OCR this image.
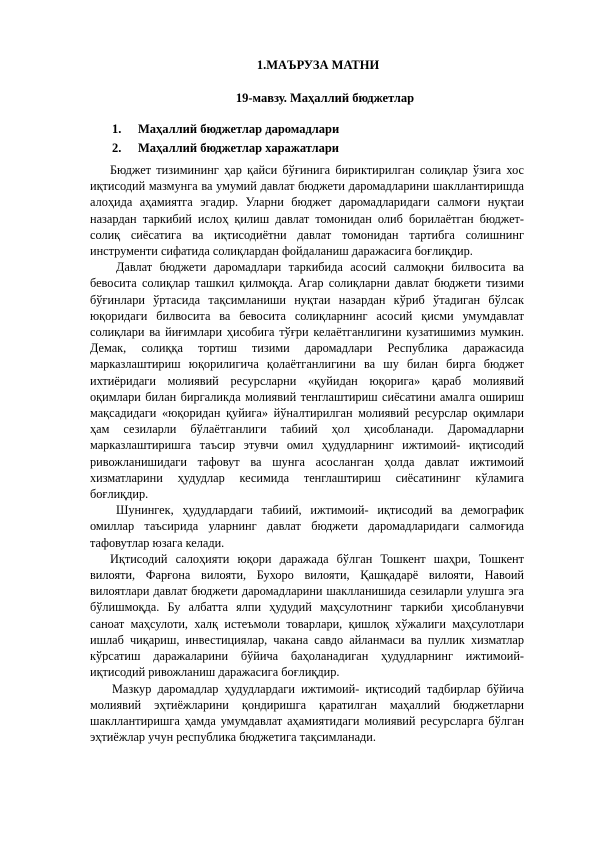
1.МАЪРУЗА МАТНИ
19-мавзу. Маҳаллий бюджетлар
1.	Маҳаллий бюджетлар даромадлари
2.	Маҳаллий бюджетлар харажатлари

Бюджет тизимининг ҳар қайси бўғинига бириктирилган солиқлар ўзига хос иқтисодий мазмунга ва умумий давлат бюджети даромадларини шакллантиришда алоҳида аҳамиятга эгадир. Уларни бюджет даромадларидаги салмоғи нуқтаи назардан таркибий ислоҳ қилиш давлат томонидан олиб борилаётган бюджет- солиқ сиёсатига ва иқтисодиётни давлат томонидан тартибга солишнинг инструменти сифатида солиқлардан фойдаланиш даражасига боғлиқдир.

Давлат бюджети даромадлари таркибида асосий салмоқни билвосита ва бевосита солиқлар ташкил қилмоқда. Агар солиқларни давлат бюджети тизими бўғинлари ўртасида тақсимланиши нуқтаи назардан кўриб ўтадиган бўлсак юқоридаги билвосита ва бевосита солиқларнинг асосий қисми умумдавлат солиқлари ва йиғимлари ҳисобига тўғри келаётганлигини кузатишимиз мумкин. Демак, солиққа тортиш тизими даромадлари Республика даражасида марказлаштириш юқорилигича қолаётганлигини ва шу билан бирга бюджет ихтиёридаги молиявий ресурсларни «қуйидан юқорига» қараб молиявий оқимлари билан биргаликда молиявий тенглаштириш сиёсатини амалга ошириш мақсадидаги «юқоридан қуйига» йўналтирилган молиявий ресурслар оқимлари ҳам сезиларли бўлаётганлиги табиий ҳол ҳисобланади. Даромадларни марказлаштиришга таъсир этувчи омил ҳудудларнинг ижтимоий- иқтисодий ривожланишидаги тафовут ва шунга асосланган ҳолда давлат ижтимоий хизматларини ҳудудлар кесимида тенглаштириш сиёсатининг кўламига боғлиқдир.

Шунингек, ҳудудлардаги табиий, ижтимоий- иқтисодий ва демографик омиллар таъсирида уларнинг давлат бюджети даромадларидаги салмоғида тафовутлар юзага келади.

Иқтисодий салоҳияти юқори даражада бўлган Тошкент шаҳри, Тошкент вилояти, Фарғона вилояти, Бухоро вилояти, Қашқадарё вилояти, Навоий вилоятлари давлат бюджети даромадларини шаклланишида сезиларли улушга эга бўлишмоқда. Бу албатта ялпи ҳудудий маҳсулотнинг таркиби ҳисобланувчи саноат маҳсулоти, халқ истеъмоли товарлари, қишлоқ хўжалиги маҳсулотлари ишлаб чиқариш, инвестициялар, чакана савдо айланмаси ва пуллик хизматлар кўрсатиш даражаларини бўйича баҳоланадиган ҳудудларнинг ижтимоий- иқтисодий ривожланиш даражасига боғлиқдир.

Мазкур даромадлар ҳудудлардаги ижтимоий- иқтисодий тадбирлар бўйича молиявий эҳтиёжларини қондиришга қаратилган маҳаллий бюджетларни шакллантиришга ҳамда умумдавлат аҳамиятидаги молиявий ресурсларга бўлган эҳтиёжлар учун республика бюджетига тақсимланади.
